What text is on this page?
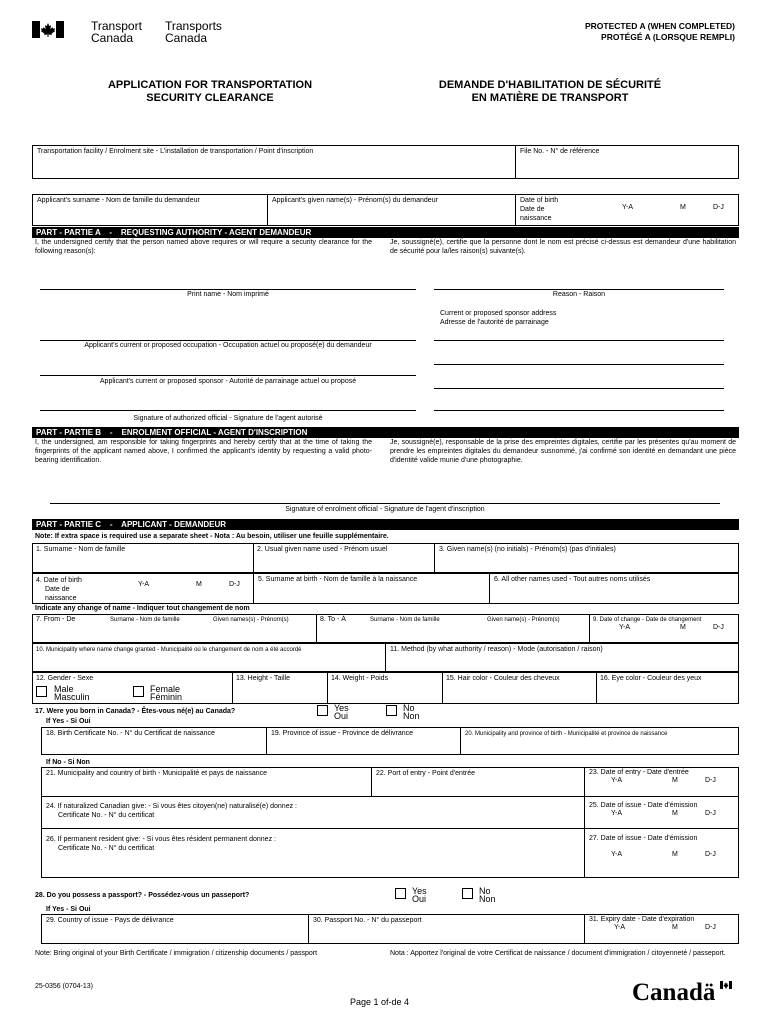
Transport
Canada
Transports
Canada
PROTECTED A (WHEN COMPLETED)
PROTÉGÉ A (LORSQUE REMPLI)
APPLICATION FOR TRANSPORTATION
SECURITY CLEARANCE
DEMANDE D'HABILITATION DE SÉCURITÉ
EN MATIÈRE DE TRANSPORT
Transportation facility / Enrolment site - L'installation de transportation / Point d'inscription	File No. - N° de référence
Applicant's surname - Nom de famille du demandeur	Applicant's given name(s) - Prénom(s) du demandeur	Date of birth
Date de
naissance
Y-A	M	D-J
PART - PARTIE A    -    REQUESTING AUTHORITY - AGENT DEMANDEUR
I, the undersigned certify that the person named above requires or will require a security clearance for the following reason(s):
Je, soussigné(e), certifie que la personne dont le nom est précisé ci-dessus est demandeur d'une habilitation de sécurité pour la/les raison(s) suivante(s).
Print name - Nom imprimé	Reason - Raison
Current or proposed sponsor address
Adresse de l'autorité de parrainage
Applicant's current or proposed occupation - Occupation actuel ou proposé(e) du demandeur
Applicant's current or proposed sponsor - Autorité de parrainage actuel ou proposé
Signature of authorized official - Signature de l'agent autorisé
PART - PARTIE B    -    ENROLMENT OFFICIAL - AGENT D'INSCRIPTION
I, the undersigned, am responsible for taking fingerprints and hereby certify that at the time of taking the fingerprints of the applicant named above, I confirmed the applicant's identity by requesting a valid photo-bearing identification.
Je, soussigné(e), responsable de la prise des empreintes digitales, certifie par les présentes qu'au moment de prendre les empreintes digitales du demandeur susnommé, j'ai confirmé son identité en demandant une pièce d'identité valide munie d'une photographie.
Signature of enrolment official - Signature de l'agent d'inscription
PART - PARTIE C    -    APPLICANT - DEMANDEUR
Note: If extra space is required use a separate sheet - Nota : Au besoin, utiliser une feuille supplémentaire.
1. Surname - Nom de famille	2. Usual given name used - Prénom usuel	3. Given name(s) (no initials) - Prénom(s) (pas d'initiales)
4. Date of birth
Date de
naissance
Y-A	M	D-J
5. Surname at birth - Nom de famille à la naissance	6. All other names used - Tout autres noms utilisés
Indicate any change of name - Indiquer tout changement de nom
7. From - De	Surname - Nom de famille	Given names(s) - Prénom(s)	8. To - À	Surname - Nom de famille	Given name(s) - Prénom(s)	9. Date of change - Date de changement
Y-A	M	D-J
10. Municipality where name change granted - Municipalité où le changement de nom a été accordé	11. Method (by what authority / reason) - Mode (autorisation / raison)
12. Gender - Sexe
Male
Masculin
Female
Féminin
13. Height - Taille	14. Weight - Poids	15. Hair color - Couleur des cheveux	16. Eye color - Couleur des yeux
17. Were you born in Canada? - Êtes-vous né(e) au Canada?	Yes
Oui
No
Non
If Yes - Si Oui
18. Birth Certificate No. - N° du Certificat de naissance	19. Province of issue - Province de délivrance	20. Municipality and province of birth - Municipalité et province de naissance
If No - Si Non
21. Municipality and country of birth - Municipalité et pays de naissance	22. Port of entry - Point d'entrée	23. Date of entry - Date d'entrée
Y-A	M	D-J
24. If naturalized Canadian give: - Si vous êtes citoyen(ne) naturalisé(e) donnez :
Certificate No. - N° du certificat
25. Date of issue - Date d'émission
Y-A	M	D-J
26. If permanent resident give: - Si vous êtes résident permanent donnez :
Certificate No. - N° du certificat
27. Date of issue - Date d'émission
Y-A	M	D-J
28. Do you possess a passport? - Possédez-vous un passeport?	Yes
Oui
No
Non
If Yes - Si Oui
29. Country of issue - Pays de délivrance	30. Passport No. - N° du passeport	31. Expiry date - Date d'expiration
Y-A	M	D-J
Note: Bring original of your Birth Certificate / immigration / citizenship documents / passport	Nota : Apportez l'original de votre Certificat de naissance / document d'immigration / citoyenneté / passeport.
25-0356 (0704-13)
Page 1 of-de 4	Canadä
